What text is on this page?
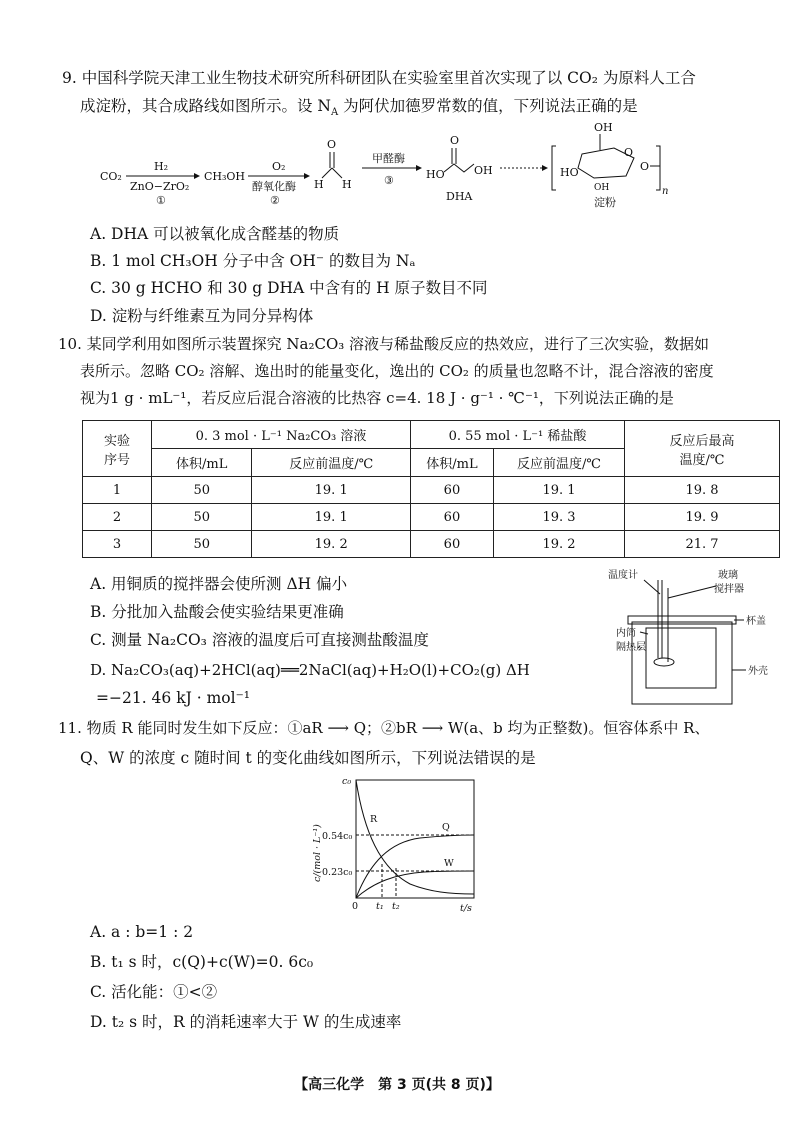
9. 中国科学院天津工业生物技术研究所科研团队在实验室里首次实现了以 CO₂ 为原料人工合
成淀粉，其合成路线如图所示。设 $N_A$ 为阿伏加德罗常数的值，下列说法正确的是
CO₂
H₂
ZnO−ZrO₂
①
CH₃OH
O₂
醇氧化酶
②
O
H H
甲醛酶
③	HO
O
OH
DHA
OH
HO
O
O
OH	n
淀粉
A. DHA 可以被氧化成含醛基的物质
B. 1 mol CH₃OH 分子中含 OH⁻ 的数目为 Nₐ
C. 30 g HCHO 和 30 g DHA 中含有的 H 原子数目不同
D. 淀粉与纤维素互为同分异构体
10. 某同学利用如图所示装置探究 Na₂CO₃ 溶液与稀盐酸反应的热效应，进行了三次实验，数据如
表所示。忽略 CO₂ 溶解、逸出时的能量变化，逸出的 CO₂ 的质量也忽略不计，混合溶液的密度
视为1 g · mL⁻¹，若反应后混合溶液的比热容 c=4. 18 J · g⁻¹ · ℃⁻¹，下列说法正确的是
实验
序号	0. 3 mol · L⁻¹ Na₂CO₃ 溶液		0. 55 mol · L⁻¹ 稀盐酸		反应后最高
温度/℃
	体积/mL	反应前温度/℃	体积/mL	反应前温度/℃	
1	50	19. 1	60	19. 1	19. 8
2	50	19. 1	60	19. 3	19. 9
3	50	19. 2	60	19. 2	21. 7
A. 用铜质的搅拌器会使所测 ΔH 偏小
B. 分批加入盐酸会使实验结果更准确
C. 测量 Na₂CO₃ 溶液的温度后可直接测盐酸温度
D. Na₂CO₃(aq)+2HCl(aq)══2NaCl(aq)+H₂O(l)+CO₂(g) ΔH
=−21. 46 kJ · mol⁻¹
温度计	玻璃
搅拌器
杯盖
内筒
隔热层
外壳
11. 物质 R 能同时发生如下反应：①aR ⟶ Q；②bR ⟶ W(a、b 均为正整数)。恒容体系中 R、
Q、W 的浓度 c 随时间 t 的变化曲线如图所示，下列说法错误的是
c₀
c/(mol · L⁻¹) 0.54c₀
0.23c₀
0 t₁ t₂	t/s
R
Q
W
A. a : b=1 : 2
B. t₁ s 时，c(Q)+c(W)=0. 6c₀
C. 活化能：①<②
D. t₂ s 时，R 的消耗速率大于 W 的生成速率
【高三化学　第 3 页(共 8 页)】
